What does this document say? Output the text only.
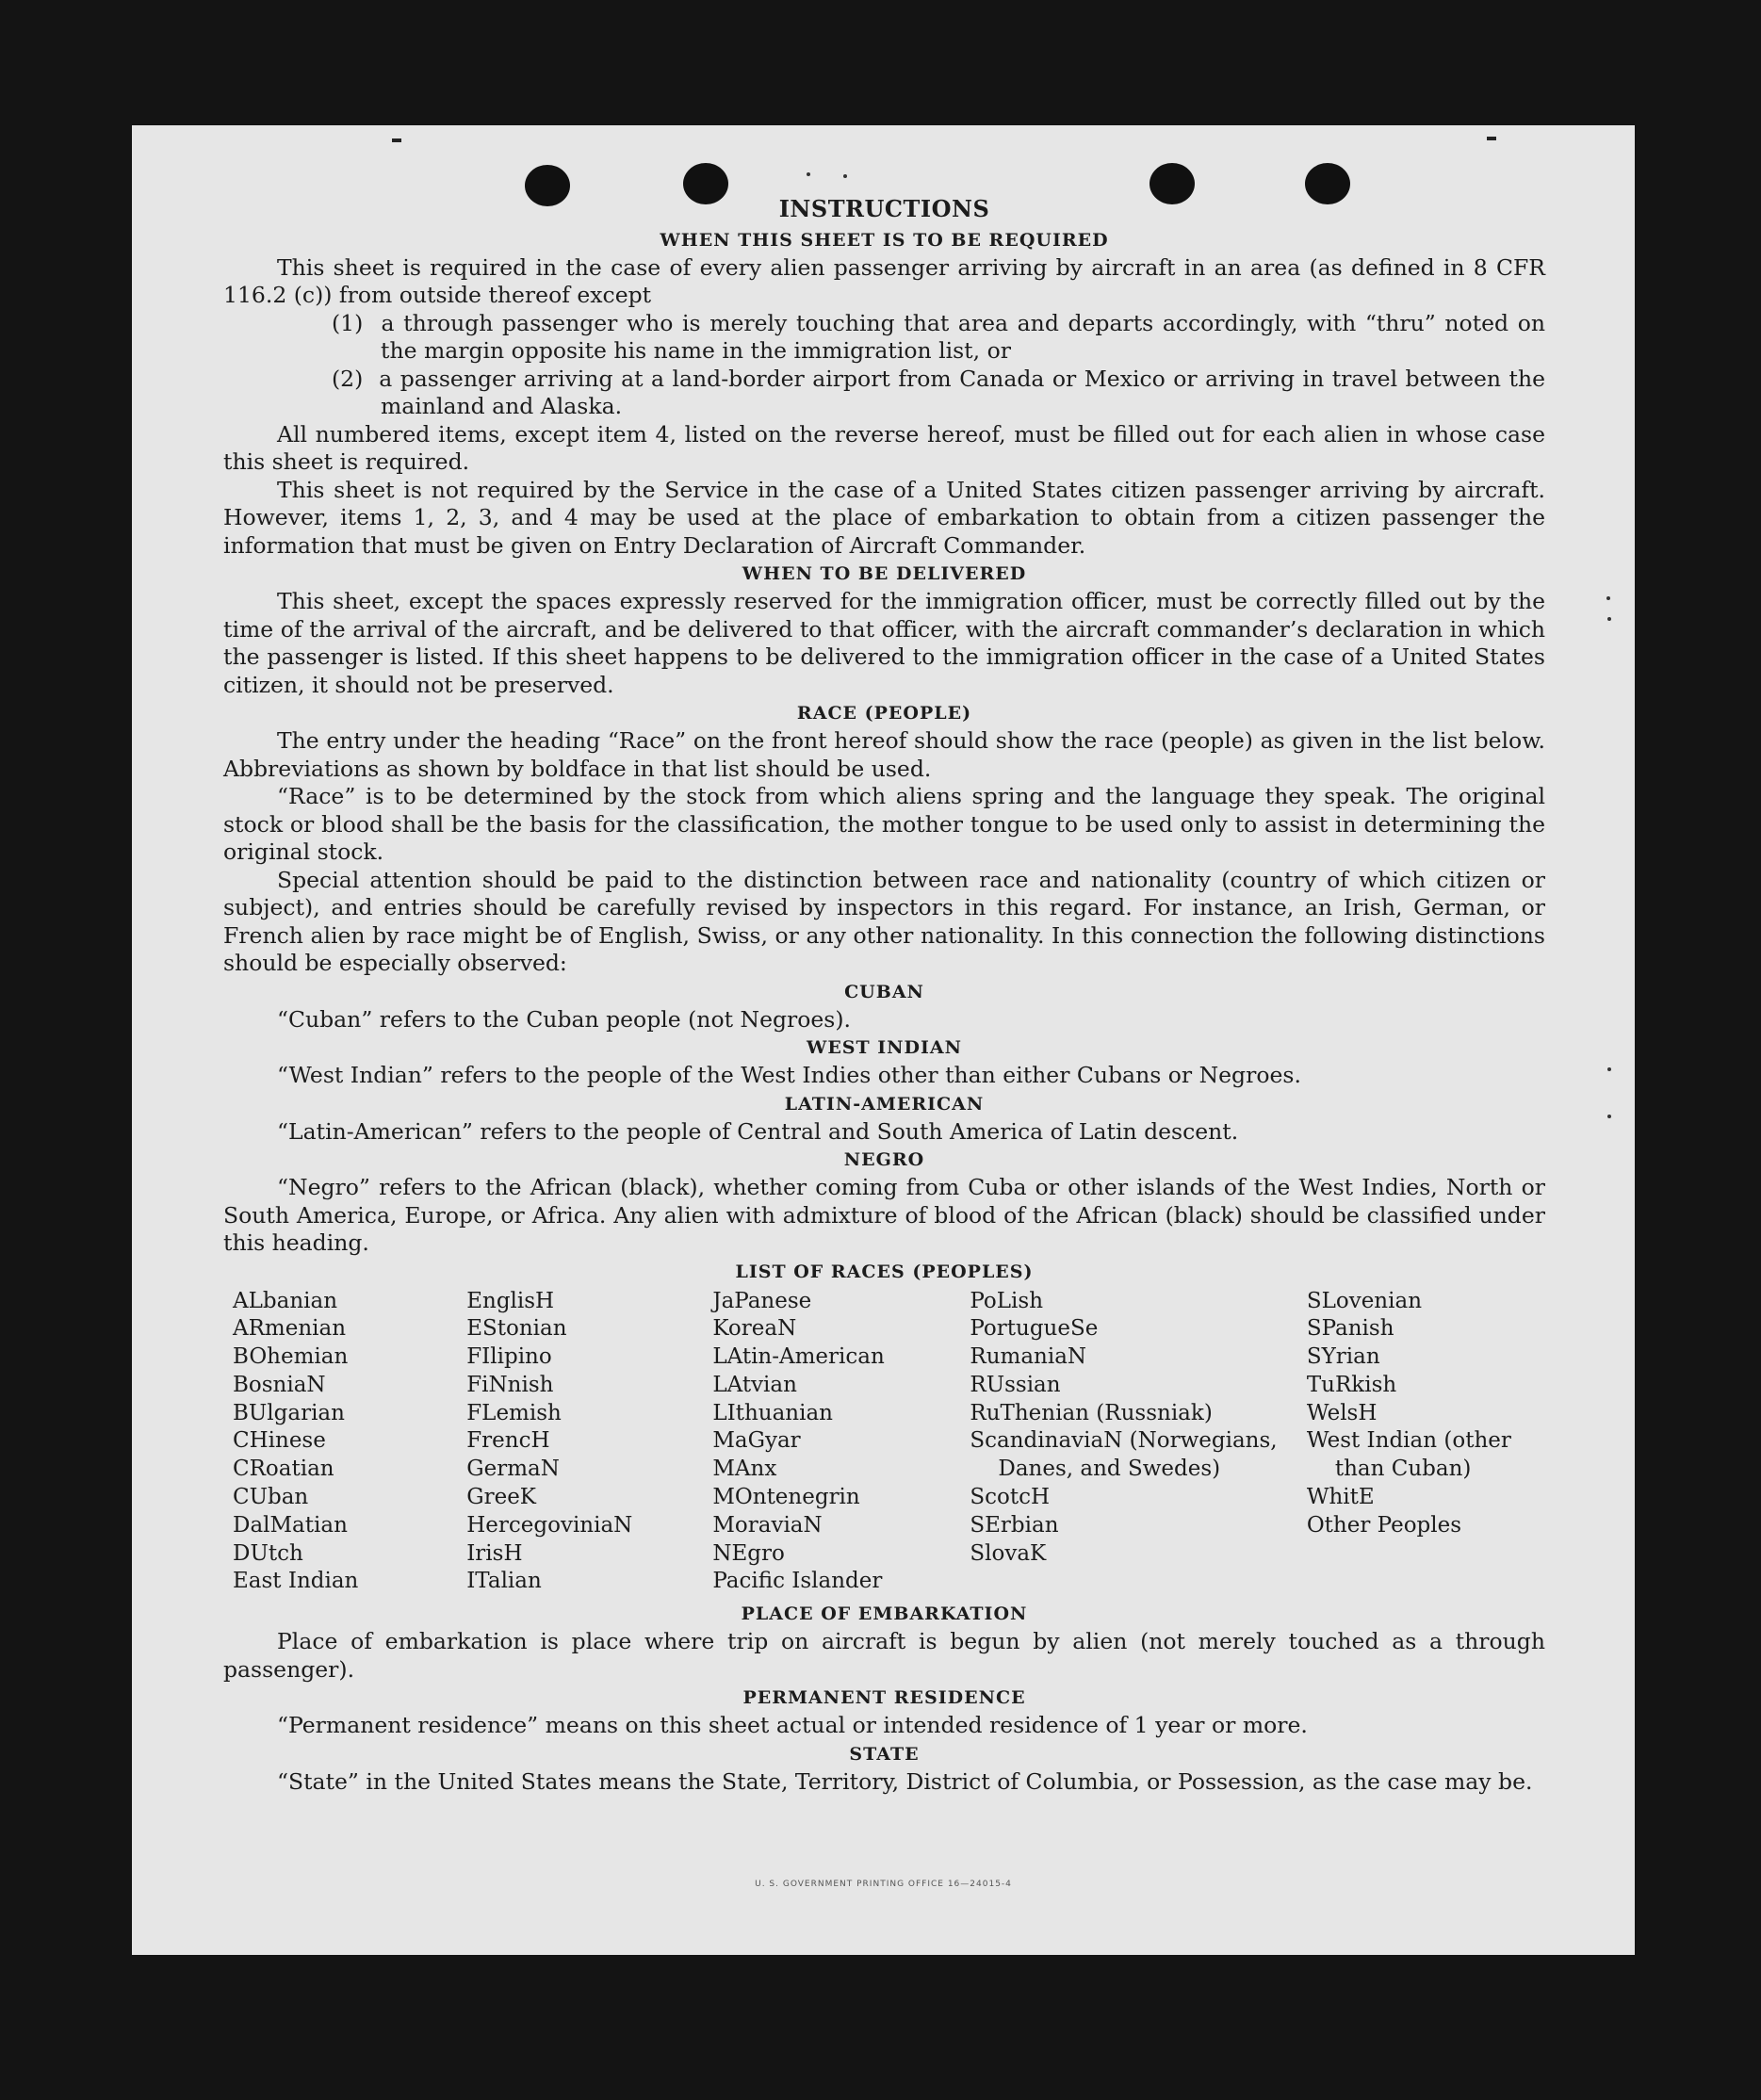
INSTRUCTIONS
WHEN THIS SHEET IS TO BE REQUIRED

This sheet is required in the case of every alien passenger arriving by aircraft in an area (as defined in 8 CFR 116.2 (c)) from outside thereof except

(1) a through passenger who is merely touching that area and departs accordingly, with “thru” noted on the margin opposite his name in the immigration list, or

(2) a passenger arriving at a land-border airport from Canada or Mexico or arriving in travel between the mainland and Alaska.

All numbered items, except item 4, listed on the reverse hereof, must be filled out for each alien in whose case this sheet is required.

This sheet is not required by the Service in the case of a United States citizen passenger arriving by aircraft. However, items 1, 2, 3, and 4 may be used at the place of embarkation to obtain from a citizen passenger the information that must be given on Entry Declaration of Aircraft Commander.

WHEN TO BE DELIVERED

This sheet, except the spaces expressly reserved for the immigration officer, must be correctly filled out by the time of the arrival of the aircraft, and be delivered to that officer, with the aircraft commander’s declaration in which the passenger is listed. If this sheet happens to be delivered to the immigration officer in the case of a United States citizen, it should not be preserved.

RACE (PEOPLE)

The entry under the heading “Race” on the front hereof should show the race (people) as given in the list below. Abbreviations as shown by boldface in that list should be used.

“Race” is to be determined by the stock from which aliens spring and the language they speak. The original stock or blood shall be the basis for the classification, the mother tongue to be used only to assist in determining the original stock.

Special attention should be paid to the distinction between race and nationality (country of which citizen or subject), and entries should be carefully revised by inspectors in this regard. For instance, an Irish, German, or French alien by race might be of English, Swiss, or any other nationality. In this connection the following distinctions should be especially observed:

CUBAN

“Cuban” refers to the Cuban people (not Negroes).

WEST INDIAN

“West Indian” refers to the people of the West Indies other than either Cubans or Negroes.

LATIN-AMERICAN

“Latin-American” refers to the people of Central and South America of Latin descent.

NEGRO

“Negro” refers to the African (black), whether coming from Cuba or other islands of the West Indies, North or South America, Europe, or Africa. Any alien with admixture of blood of the African (black) should be classified under this heading.

LIST OF RACES (PEOPLES)
ALbanian
ARmenian
BOhemian
BosniaN
BUlgarian
CHinese
CRoatian
CUban
DalMatian
DUtch
East Indian
EnglisH
EStonian
FIlipino
FiNnish
FLemish
FrencH
GermaN
GreeK
HercegoviniaN
IrisH
ITalian
JaPanese
KoreaN
LAtin-American
LAtvian
LIthuanian
MaGyar
MAnx
MOntenegrin
MoraviaN
NEgro
Pacific Islander
PoLish
PortugueSe
RumaniaN
RUssian
RuThenian (Russniak)
ScandinaviaN (Norwegians, Danes, and Swedes)
ScotcH
SErbian
SlovaK
SLovenian
SPanish
SYrian
TuRkish
WelsH
West Indian (other than Cuban)
WhitE
Other Peoples
PLACE OF EMBARKATION

Place of embarkation is place where trip on aircraft is begun by alien (not merely touched as a through passenger).

PERMANENT RESIDENCE

“Permanent residence” means on this sheet actual or intended residence of 1 year or more.

STATE

“State” in the United States means the State, Territory, District of Columbia, or Possession, as the case may be.

U. S. GOVERNMENT PRINTING OFFICE 16—24015-4
